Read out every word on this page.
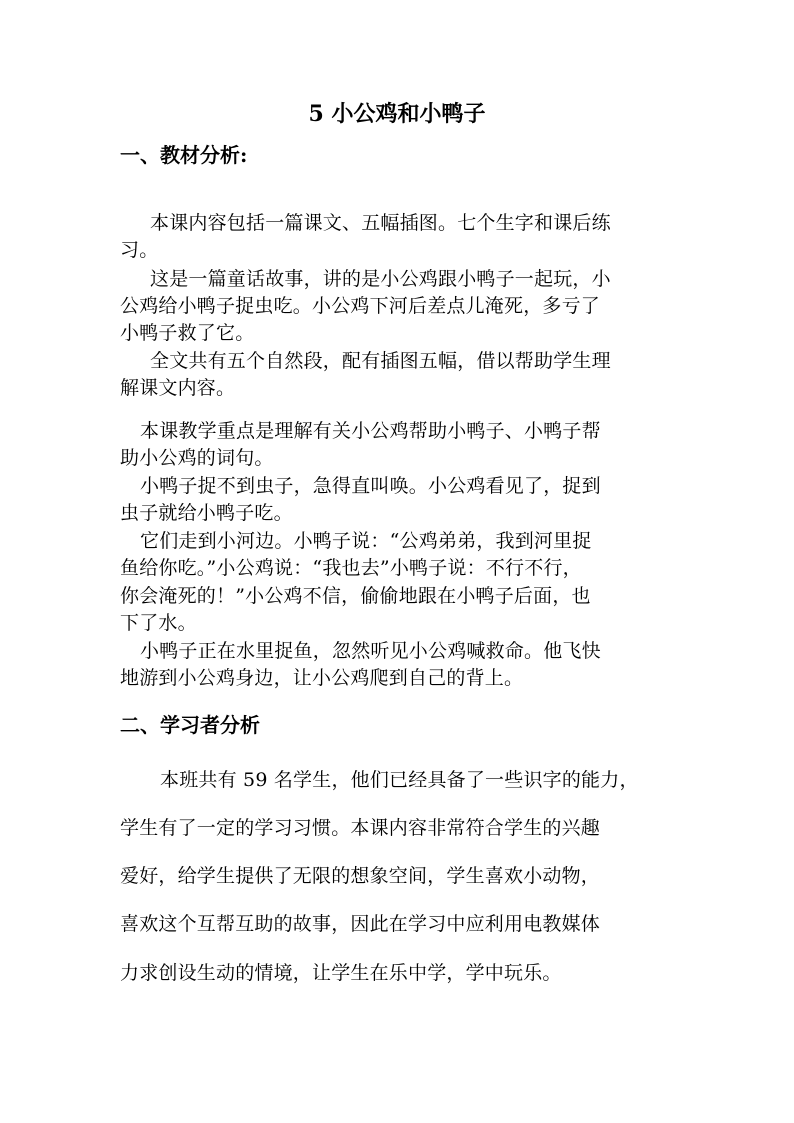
5 小公鸡和小鸭子
一、教材分析:
本课内容包括一篇课文、五幅插图。七个生字和课后练
习。
这是一篇童话故事，讲的是小公鸡跟小鸭子一起玩，小
公鸡给小鸭子捉虫吃。小公鸡下河后差点儿淹死，多亏了
小鸭子救了它。
全文共有五个自然段，配有插图五幅，借以帮助学生理
解课文内容。
本课教学重点是理解有关小公鸡帮助小鸭子、小鸭子帮
助小公鸡的词句。
小鸭子捉不到虫子，急得直叫唤。小公鸡看见了，捉到
虫子就给小鸭子吃。
它们走到小河边。小鸭子说：“公鸡弟弟，我到河里捉
鱼给你吃。”小公鸡说：“我也去”小鸭子说：不行不行，
你会淹死的！”小公鸡不信，偷偷地跟在小鸭子后面，也
下了水。
小鸭子正在水里捉鱼，忽然听见小公鸡喊救命。他飞快
地游到小公鸡身边，让小公鸡爬到自己的背上。
二、学习者分析
本班共有 59 名学生，他们已经具备了一些识字的能力，
学生有了一定的学习习惯。本课内容非常符合学生的兴趣
爱好，给学生提供了无限的想象空间，学生喜欢小动物，
喜欢这个互帮互助的故事，因此在学习中应利用电教媒体
力求创设生动的情境，让学生在乐中学，学中玩乐。
